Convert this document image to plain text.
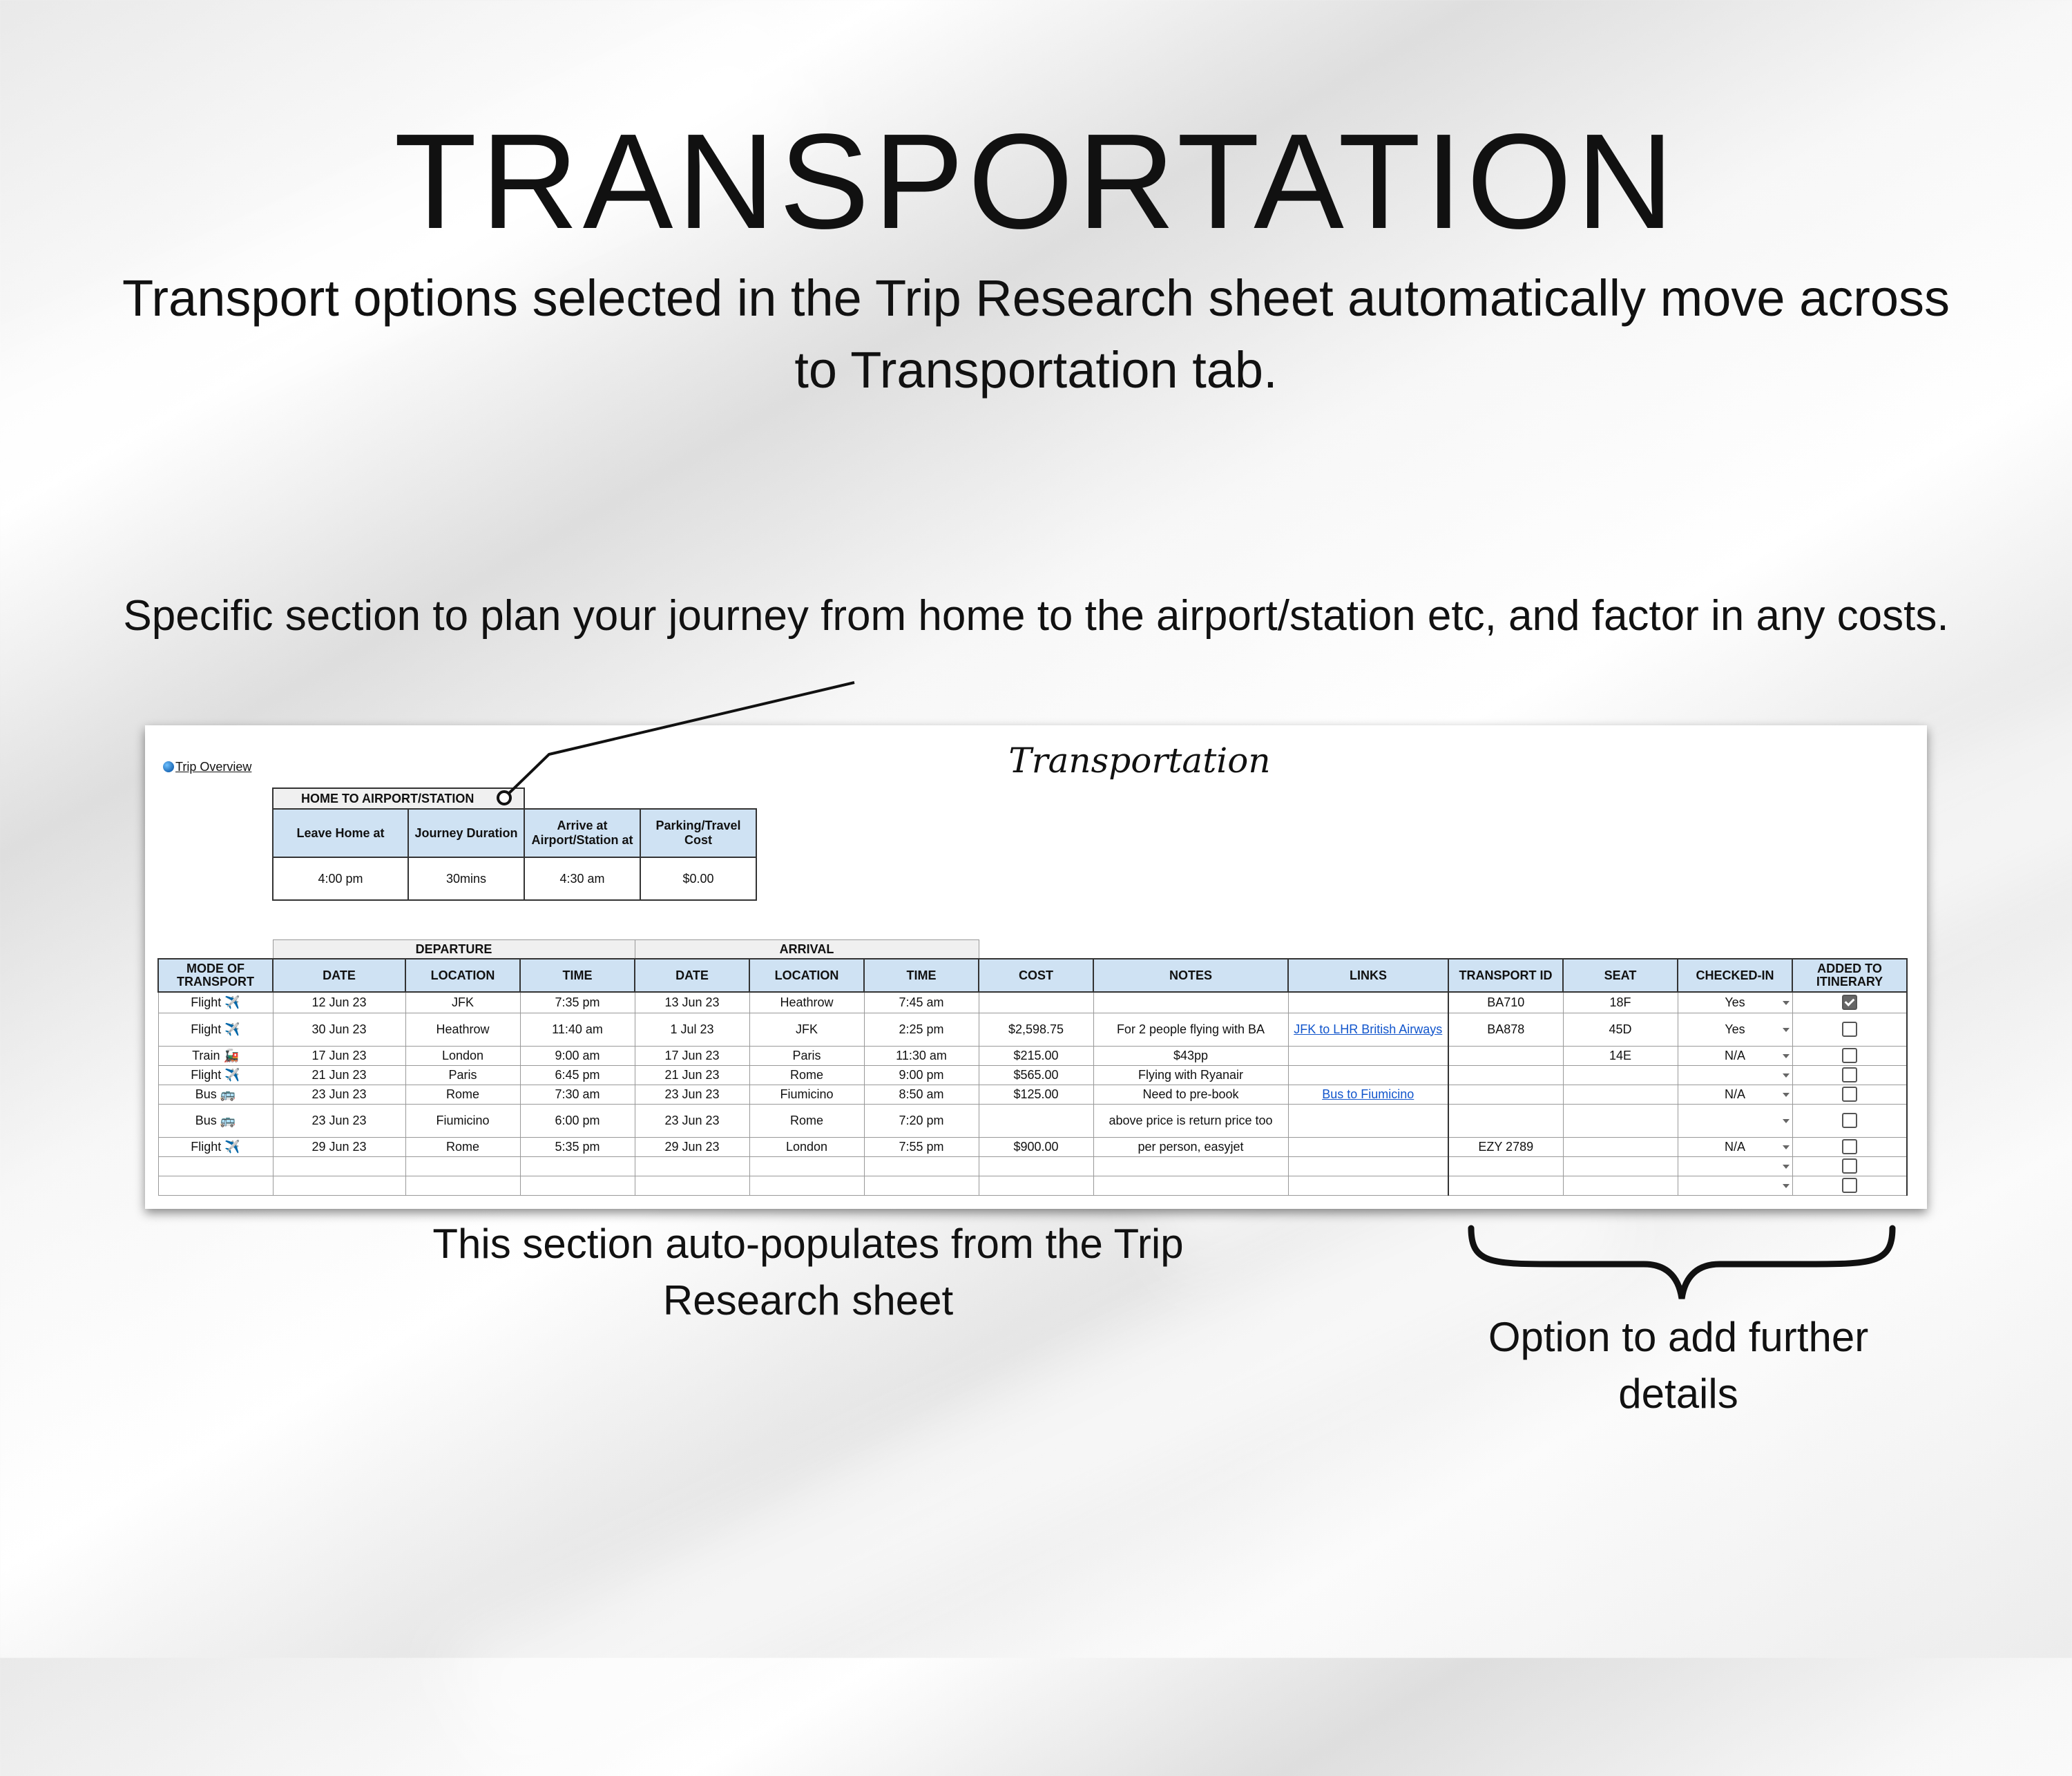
TRANSPORTATION
Transport options selected in the Trip Research sheet automatically move across to Transportation tab.
Specific section to plan your journey from home to the airport/station etc, and factor in any costs.
Trip Overview	Transportation
HOME TO AIRPORT/STATION			
Leave Home at	Journey Duration	Arrive at Airport/Station at	Parking/Travel Cost
4:00 pm	30mins	4:30 am	$0.00
	DEPARTURE			ARRIVAL									
MODE OF TRANSPORT	DATE	LOCATION	TIME	DATE	LOCATION	TIME	COST	NOTES	LINKS	TRANSPORT ID	SEAT	CHECKED-IN	ADDED TO ITINERARY
Flight ✈️	12 Jun 23	JFK	7:35 pm	13 Jun 23	Heathrow	7:45 am				BA710	18F	Yes

Flight ✈️	30 Jun 23	Heathrow	11:40 am	1 Jul 23	JFK	2:25 pm	$2,598.75	For 2 people flying with BA	JFK to LHR British Airways	BA878	45D	Yes

Train 🚂	17 Jun 23	London	9:00 am	17 Jun 23	Paris	11:30 am	$215.00	$43pp			14E	N/A

Flight ✈️	21 Jun 23	Paris	6:45 pm	21 Jun 23	Rome	9:00 pm	$565.00	Flying with Ryanair				

Bus 🚌	23 Jun 23	Rome	7:30 am	23 Jun 23	Fiumicino	8:50 am	$125.00	Need to pre-book	Bus to Fiumicino			N/A

Bus 🚌	23 Jun 23	Fiumicino	6:00 pm	23 Jun 23	Rome	7:20 pm		above price is return price too				

Flight ✈️	29 Jun 23	Rome	5:35 pm	29 Jun 23	London	7:55 pm	$900.00	per person, easyjet		EZY 2789		N/A

This section auto-populates from the Trip Research sheet
Option to add further details
